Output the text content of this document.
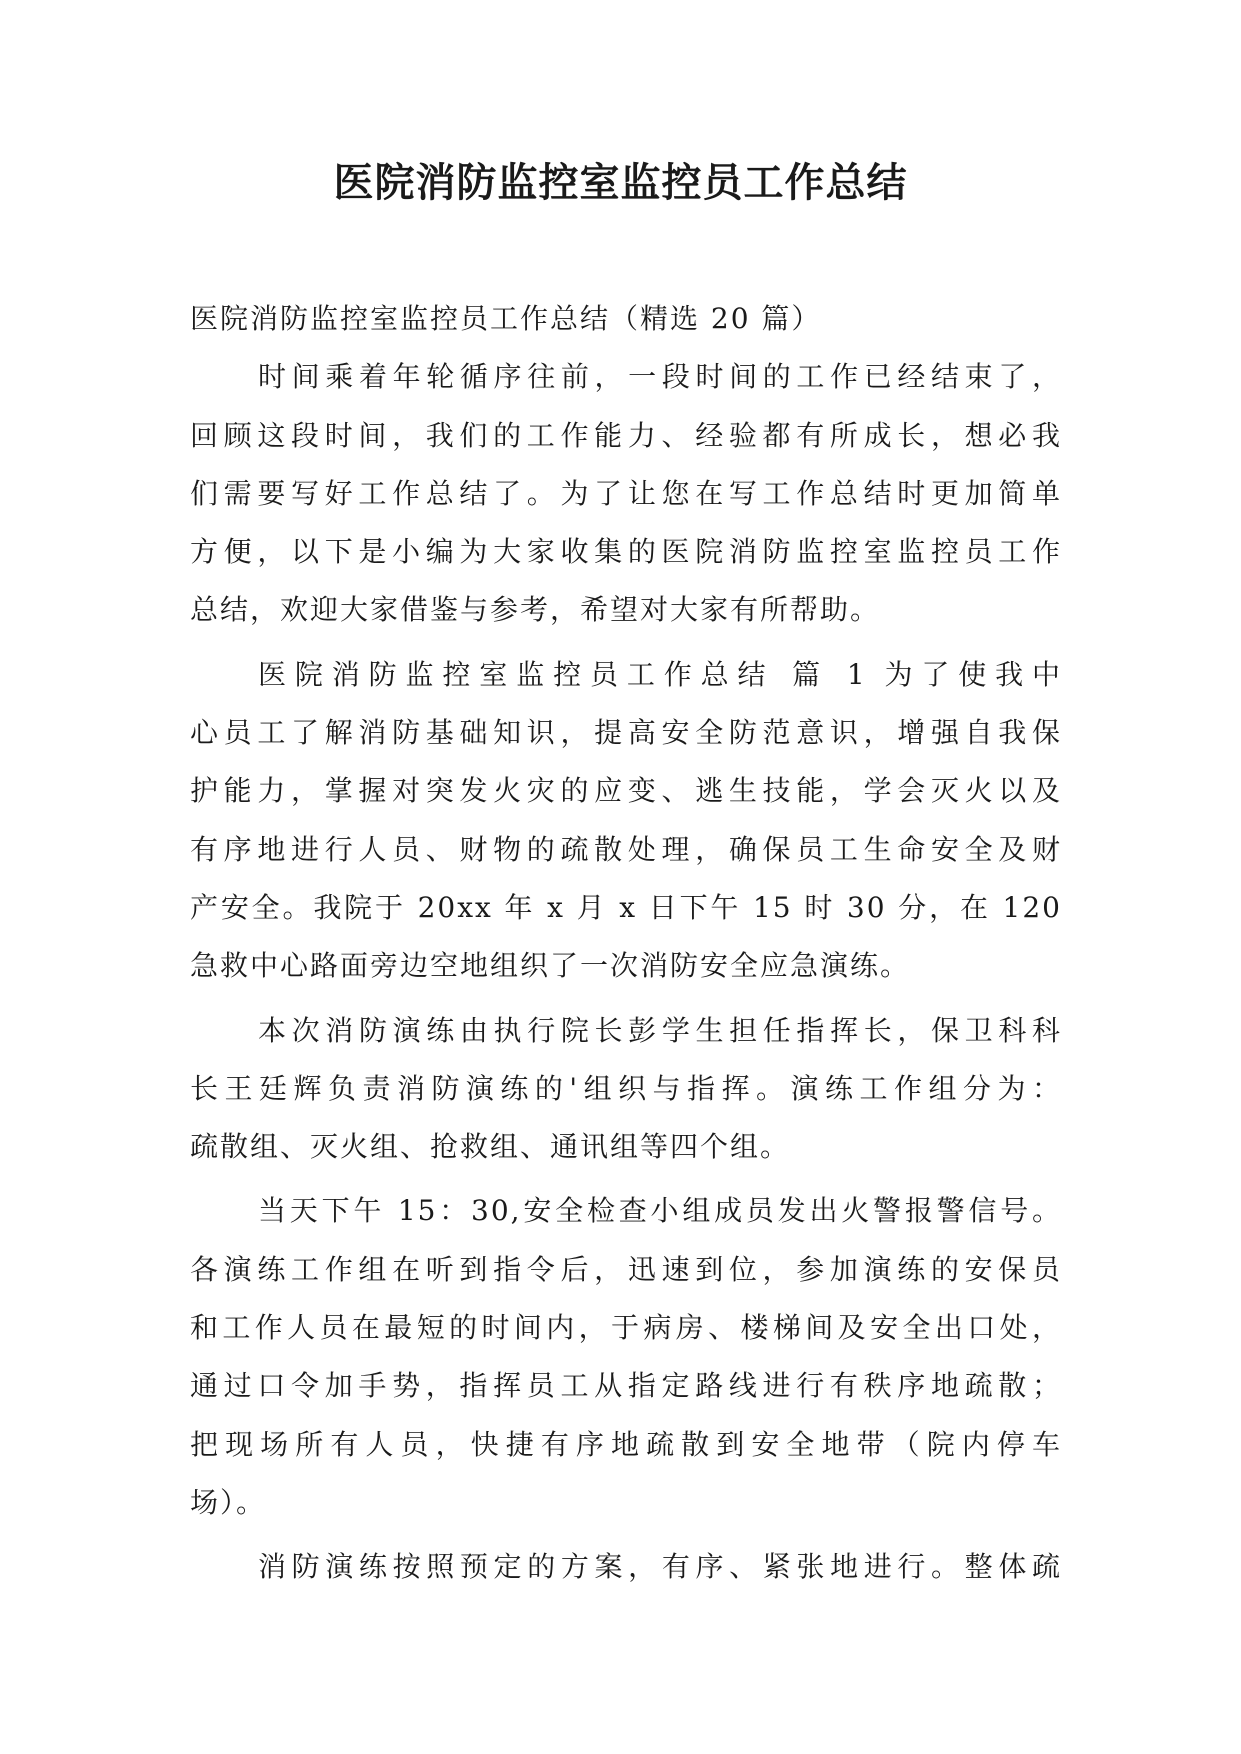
医院消防监控室监控员工作总结

医院消防监控室监控员工作总结（精选 20 篇）

时间乘着年轮循序往前，一段时间的工作已经结束了，

回顾这段时间，我们的工作能力、经验都有所成长，想必我

们需要写好工作总结了。为了让您在写工作总结时更加简单

方便，以下是小编为大家收集的医院消防监控室监控员工作

总结，欢迎大家借鉴与参考，希望对大家有所帮助。

医院消防监控室监控员工作总结 篇 1 为了使我中

心员工了解消防基础知识，提高安全防范意识，增强自我保

护能力，掌握对突发火灾的应变、逃生技能，学会灭火以及

有序地进行人员、财物的疏散处理，确保员工生命安全及财

产安全。我院于 20xx 年 x 月 x 日下午 15 时 30 分，在 120

急救中心路面旁边空地组织了一次消防安全应急演练。

本次消防演练由执行院长彭学生担任指挥长，保卫科科

长王廷辉负责消防演练的'组织与指挥。演练工作组分为：

疏散组、灭火组、抢救组、通讯组等四个组。

当天下午 15：30,安全检查小组成员发出火警报警信号。

各演练工作组在听到指令后，迅速到位，参加演练的安保员

和工作人员在最短的时间内，于病房、楼梯间及安全出口处，

通过口令加手势，指挥员工从指定路线进行有秩序地疏散；

把现场所有人员，快捷有序地疏散到安全地带（院内停车

场）。

消防演练按照预定的方案，有序、紧张地进行。整体疏
